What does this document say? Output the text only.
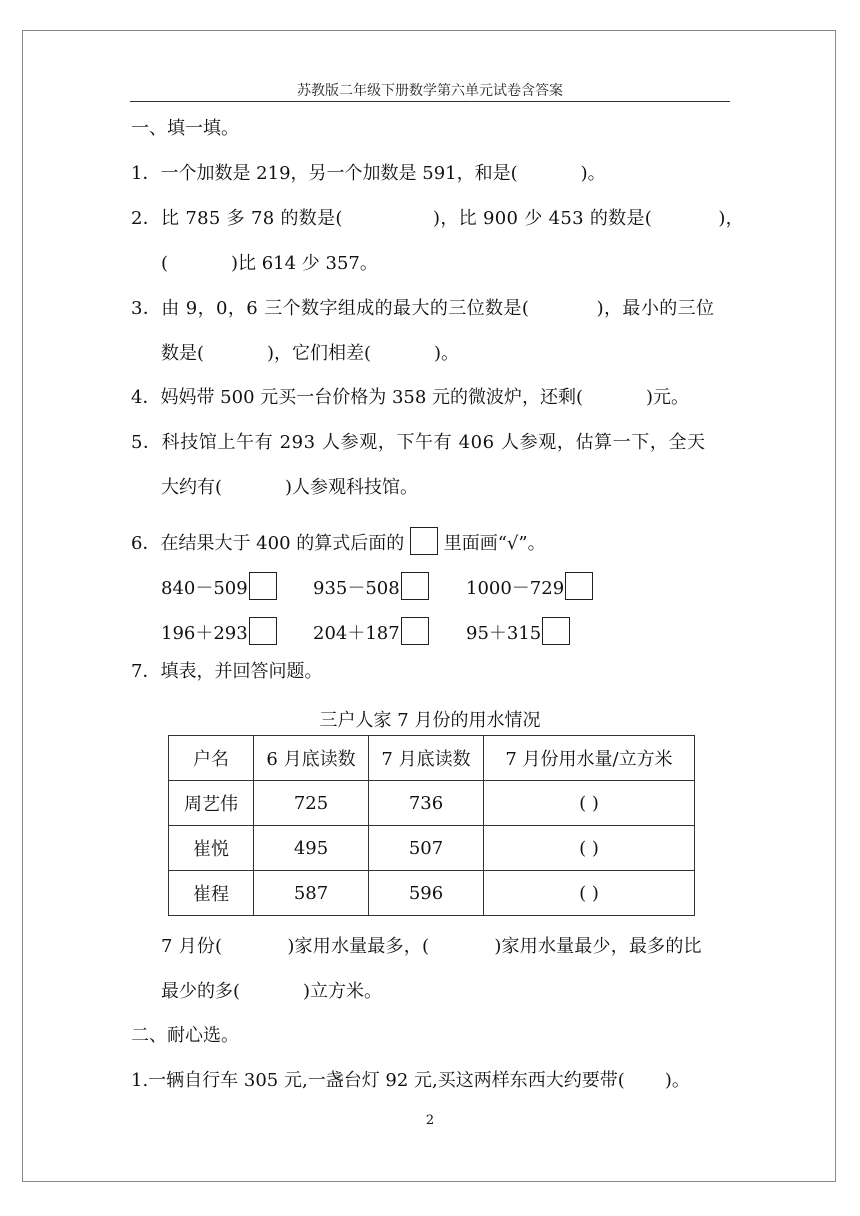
苏教版二年级下册数学第六单元试卷含答案
一、填一填。
1．一个加数是 219，另一个加数是 591，和是(           )。
2．比 785 多 78 的数是(               )，比 900 少 453 的数是(           )，
(           )比 614 少 357。
3．由 9，0，6 三个数字组成的最大的三位数是(           )，最小的三位
数是(           )，它们相差(           )。
4．妈妈带 500 元买一台价格为 358 元的微波炉，还剩(           )元。
5．科技馆上午有 293 人参观，下午有 406 人参观，估算一下，全天
大约有(           )人参观科技馆。
6．在结果大于 400 的算式后面的 里面画“√”。
840－509	935－508	1000－729
196＋293	204＋187	95＋315
7．填表，并回答问题。
三户人家 7 月份的用水情况
户名	6 月底读数	7 月底读数	7 月份用水量/立方米
周艺伟	725	736	( )
崔悦	495	507	( )
崔程	587	596	( )
7 月份(           )家用水量最多，(           )家用水量最少，最多的比
最少的多(           )立方米。
二、耐心选。
1.一辆自行车 305 元,一盏台灯 92 元,买这两样东西大约要带(       )。
2
